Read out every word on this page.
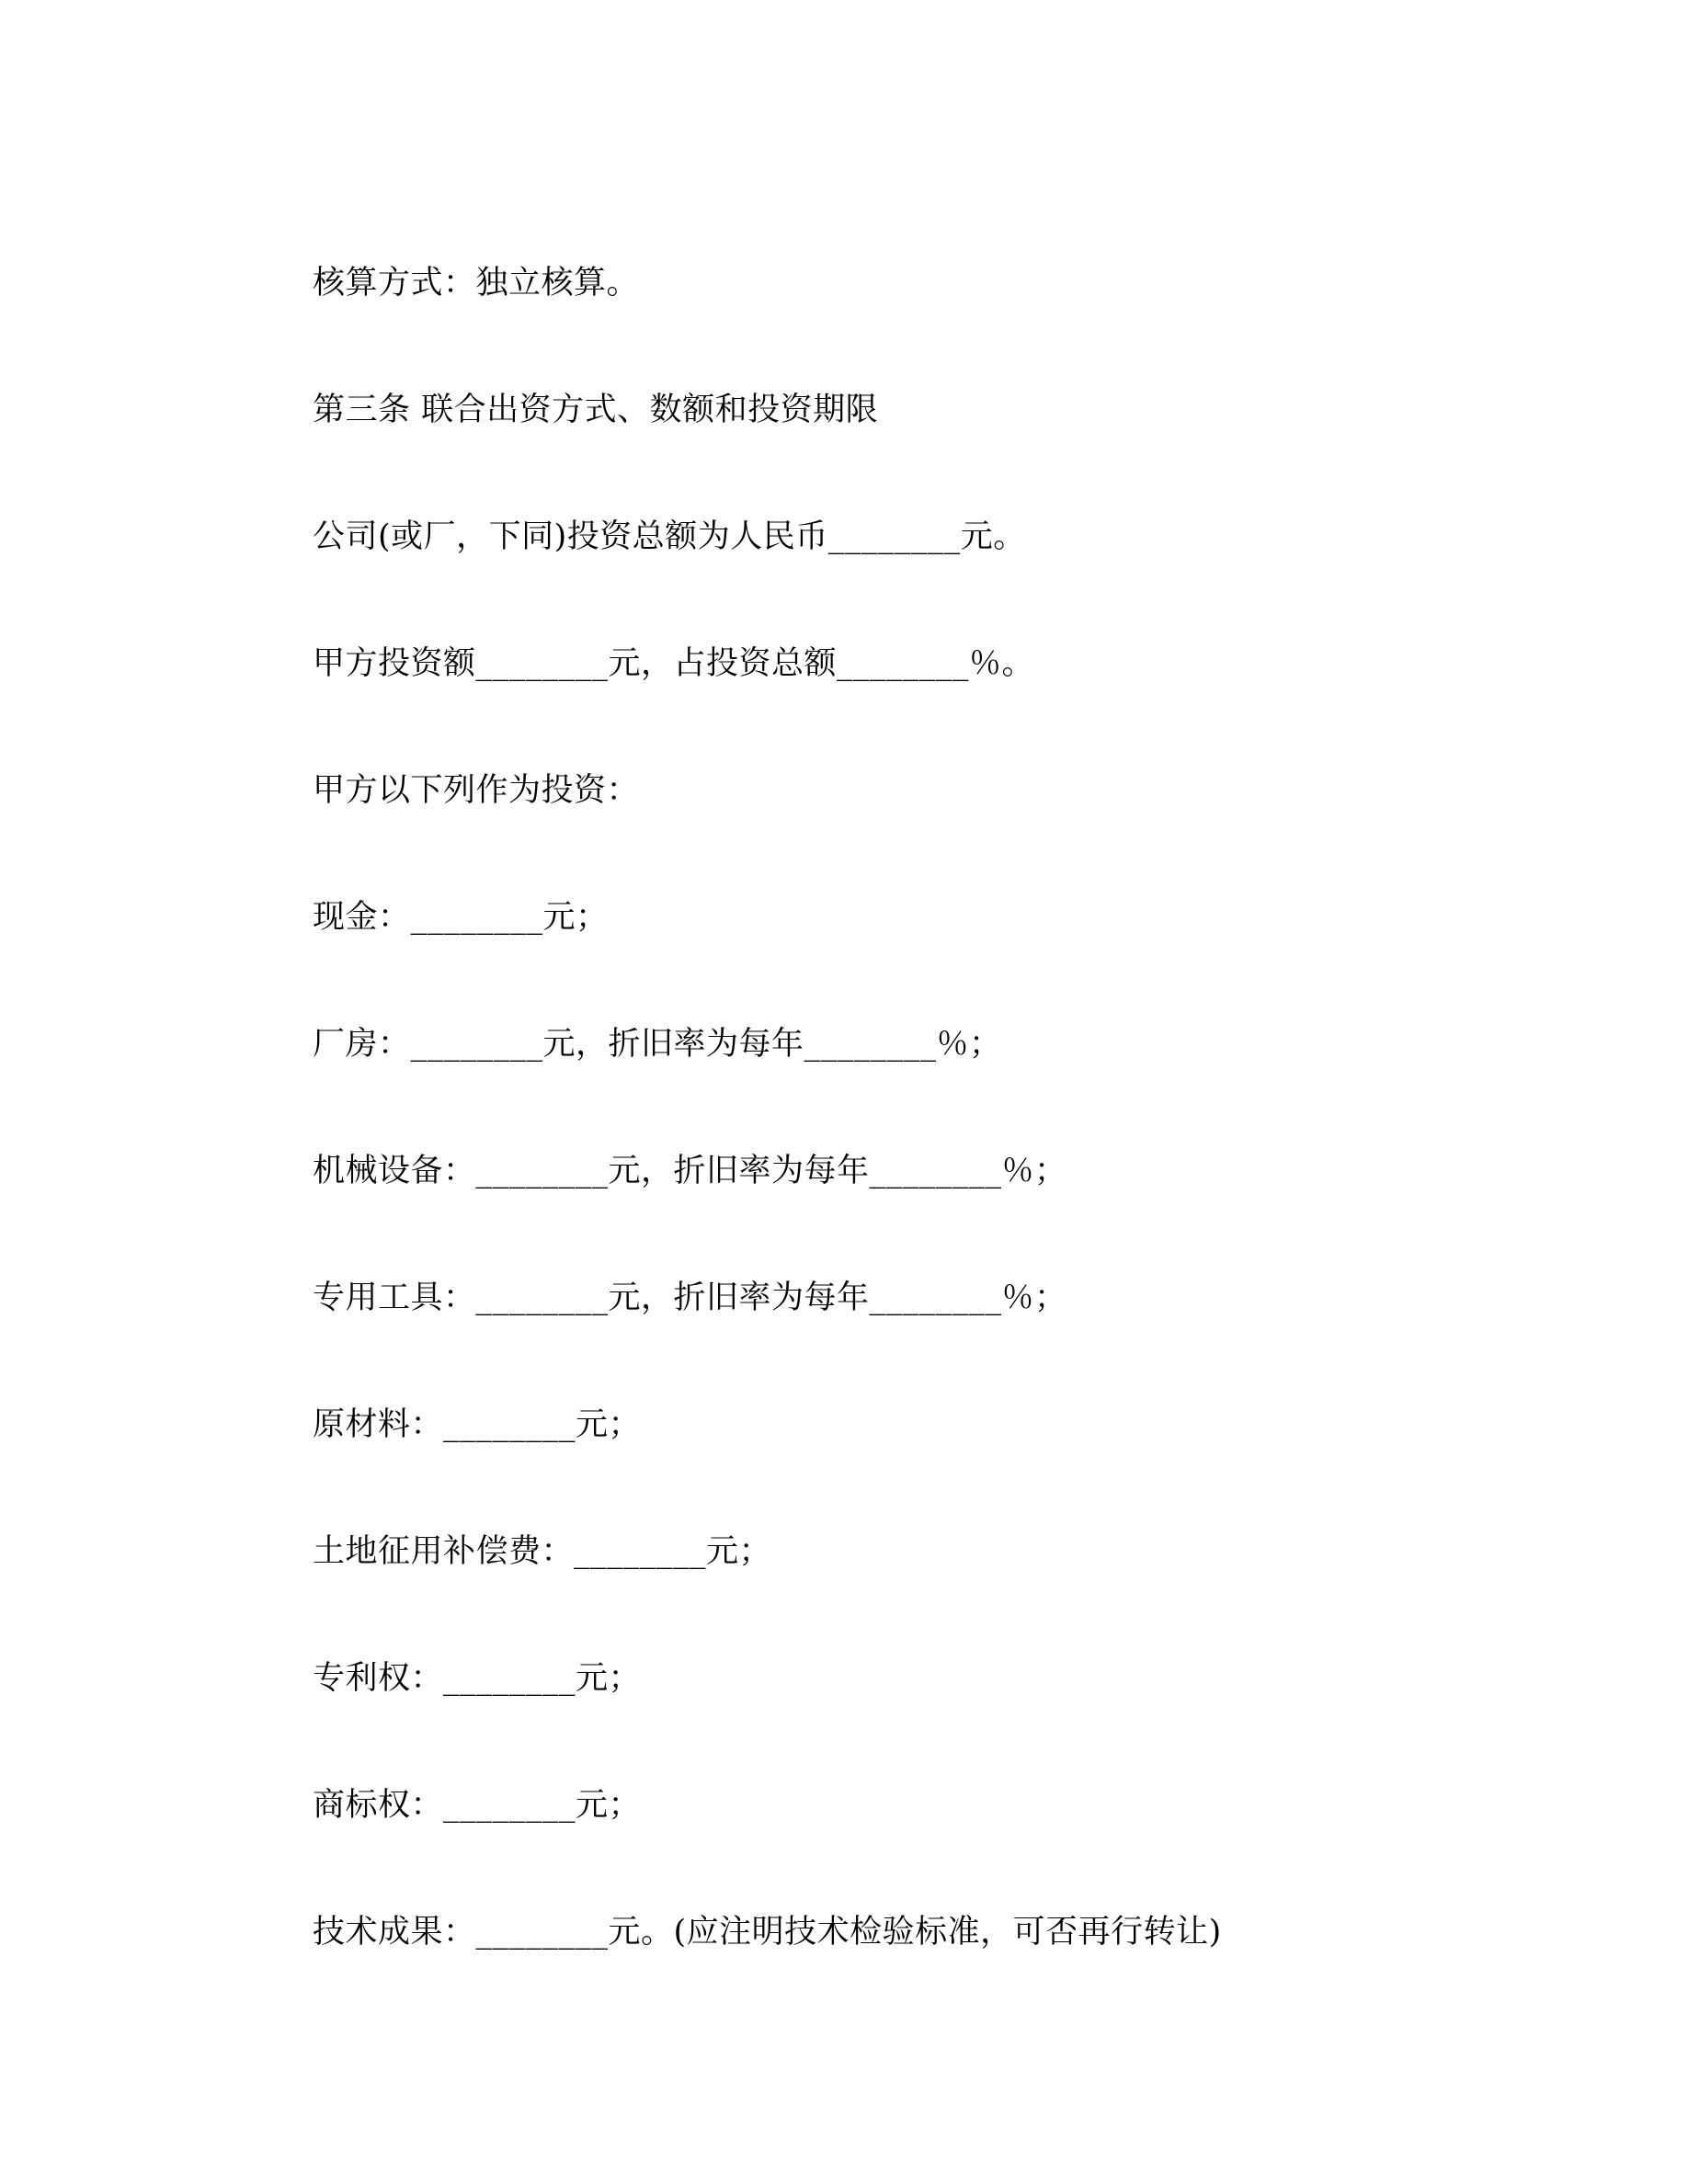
核算方式：独立核算。
第三条 联合出资方式、数额和投资期限
公司(或厂，下同)投资总额为人民币________元。
甲方投资额________元，占投资总额________％。
甲方以下列作为投资：
现金：________元；
厂房：________元，折旧率为每年________％；
机械设备：________元，折旧率为每年________％；
专用工具：________元，折旧率为每年________％；
原材料：________元；
土地征用补偿费：________元；
专利权：________元；
商标权：________元；
技术成果：________元。(应注明技术检验标准，可否再行转让)
